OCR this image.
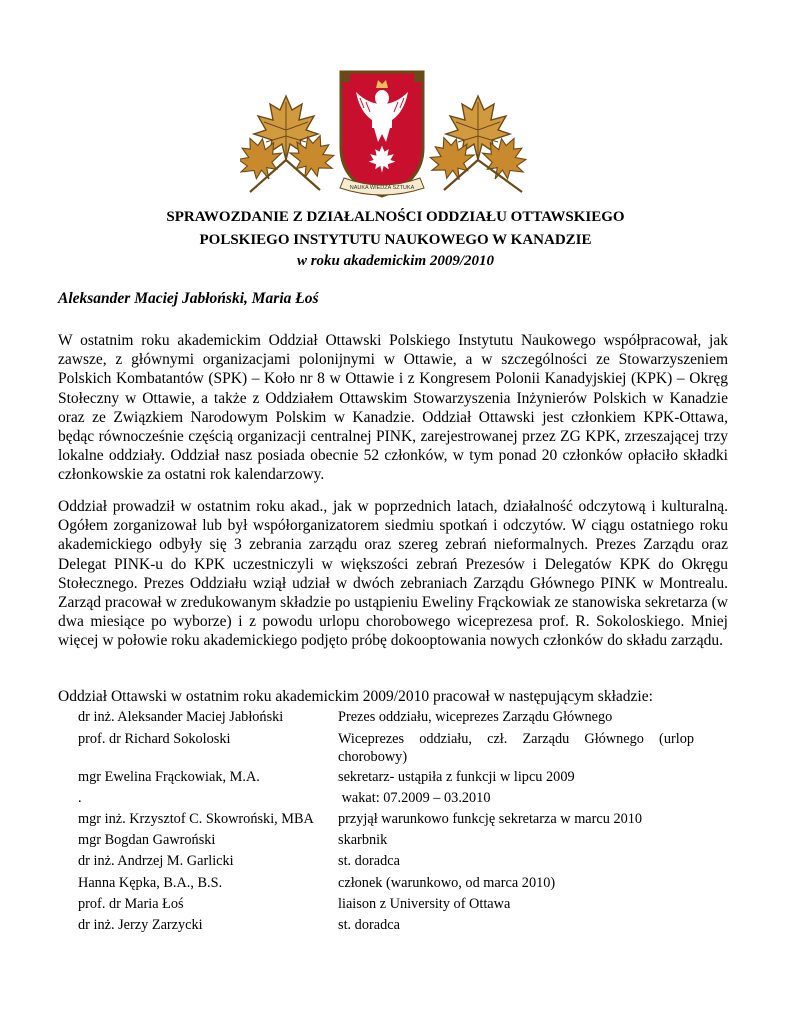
NAUKA WIEDZA SZTUKA
SPRAWOZDANIE Z DZIAŁALNOŚCI ODDZIAŁU OTTAWSKIEGO
POLSKIEGO INSTYTUTU NAUKOWEGO W KANADZIE
w roku akademickim 2009/2010
Aleksander Maciej Jabłoński, Maria Łoś

W ostatnim roku akademickim Oddział Ottawski Polskiego Instytutu Naukowego współpracował, jak zawsze, z głównymi organizacjami polonijnymi w Ottawie, a w szczególności ze Stowarzyszeniem Polskich Kombatantów (SPK) – Koło nr 8 w Ottawie i z Kongresem Polonii Kanadyjskiej (KPK) – Okręg Stołeczny w Ottawie, a także z Oddziałem Ottawskim Stowarzyszenia Inżynierów Polskich w Kanadzie oraz ze Związkiem Narodowym Polskim w Kanadzie. Oddział Ottawski jest członkiem KPK-Ottawa, będąc równocześnie częścią organizacji centralnej PINK, zarejestrowanej przez ZG KPK, zrzeszającej trzy lokalne oddziały. Oddział nasz posiada obecnie 52 członków, w tym ponad 20 członków opłaciło składki członkowskie za ostatni rok kalendarzowy.

Oddział prowadził w ostatnim roku akad., jak w poprzednich latach, działalność odczytową i kulturalną. Ogółem zorganizował lub był współorganizatorem siedmiu spotkań i odczytów. W ciągu ostatniego roku akademickiego odbyły się 3 zebrania zarządu oraz szereg zebrań nieformalnych. Prezes Zarządu oraz Delegat PINK-u do KPK uczestniczyli w większości zebrań Prezesów i Delegatów KPK do Okręgu Stołecznego. Prezes Oddziału wziął udział w dwóch zebraniach Zarządu Głównego PINK w Montrealu. Zarząd pracował w zredukowanym składzie po ustąpieniu Eweliny Frąckowiak ze stanowiska sekretarza (w dwa miesiące po wyborze) i z powodu urlopu chorobowego wiceprezesa prof. R. Sokoloskiego. Mniej więcej w połowie roku akademickiego podjęto próbę dokooptowania nowych członków do składu zarządu.

Oddział Ottawski w ostatnim roku akademickim 2009/2010 pracował w następującym składzie:

dr inż. Aleksander Maciej Jabłoński	Prezes oddziału, wiceprezes Zarządu Głównego
prof. dr Richard Sokoloski	Wiceprezes oddziału, czł. Zarządu Głównego (urlop chorobowy)
mgr Ewelina Frąckowiak, M.A.	sekretarz- ustąpiła z funkcji w lipcu 2009
.	wakat: 07.2009 – 03.2010
mgr inż. Krzysztof C. Skowroński, MBA	przyjął warunkowo funkcję sekretarza w marcu 2010
mgr Bogdan Gawroński	skarbnik
dr inż. Andrzej M. Garlicki	st. doradca
Hanna Kępka, B.A., B.S.	członek (warunkowo, od marca 2010)
prof. dr Maria Łoś	liaison z University of Ottawa
dr inż. Jerzy Zarzycki	st. doradca
